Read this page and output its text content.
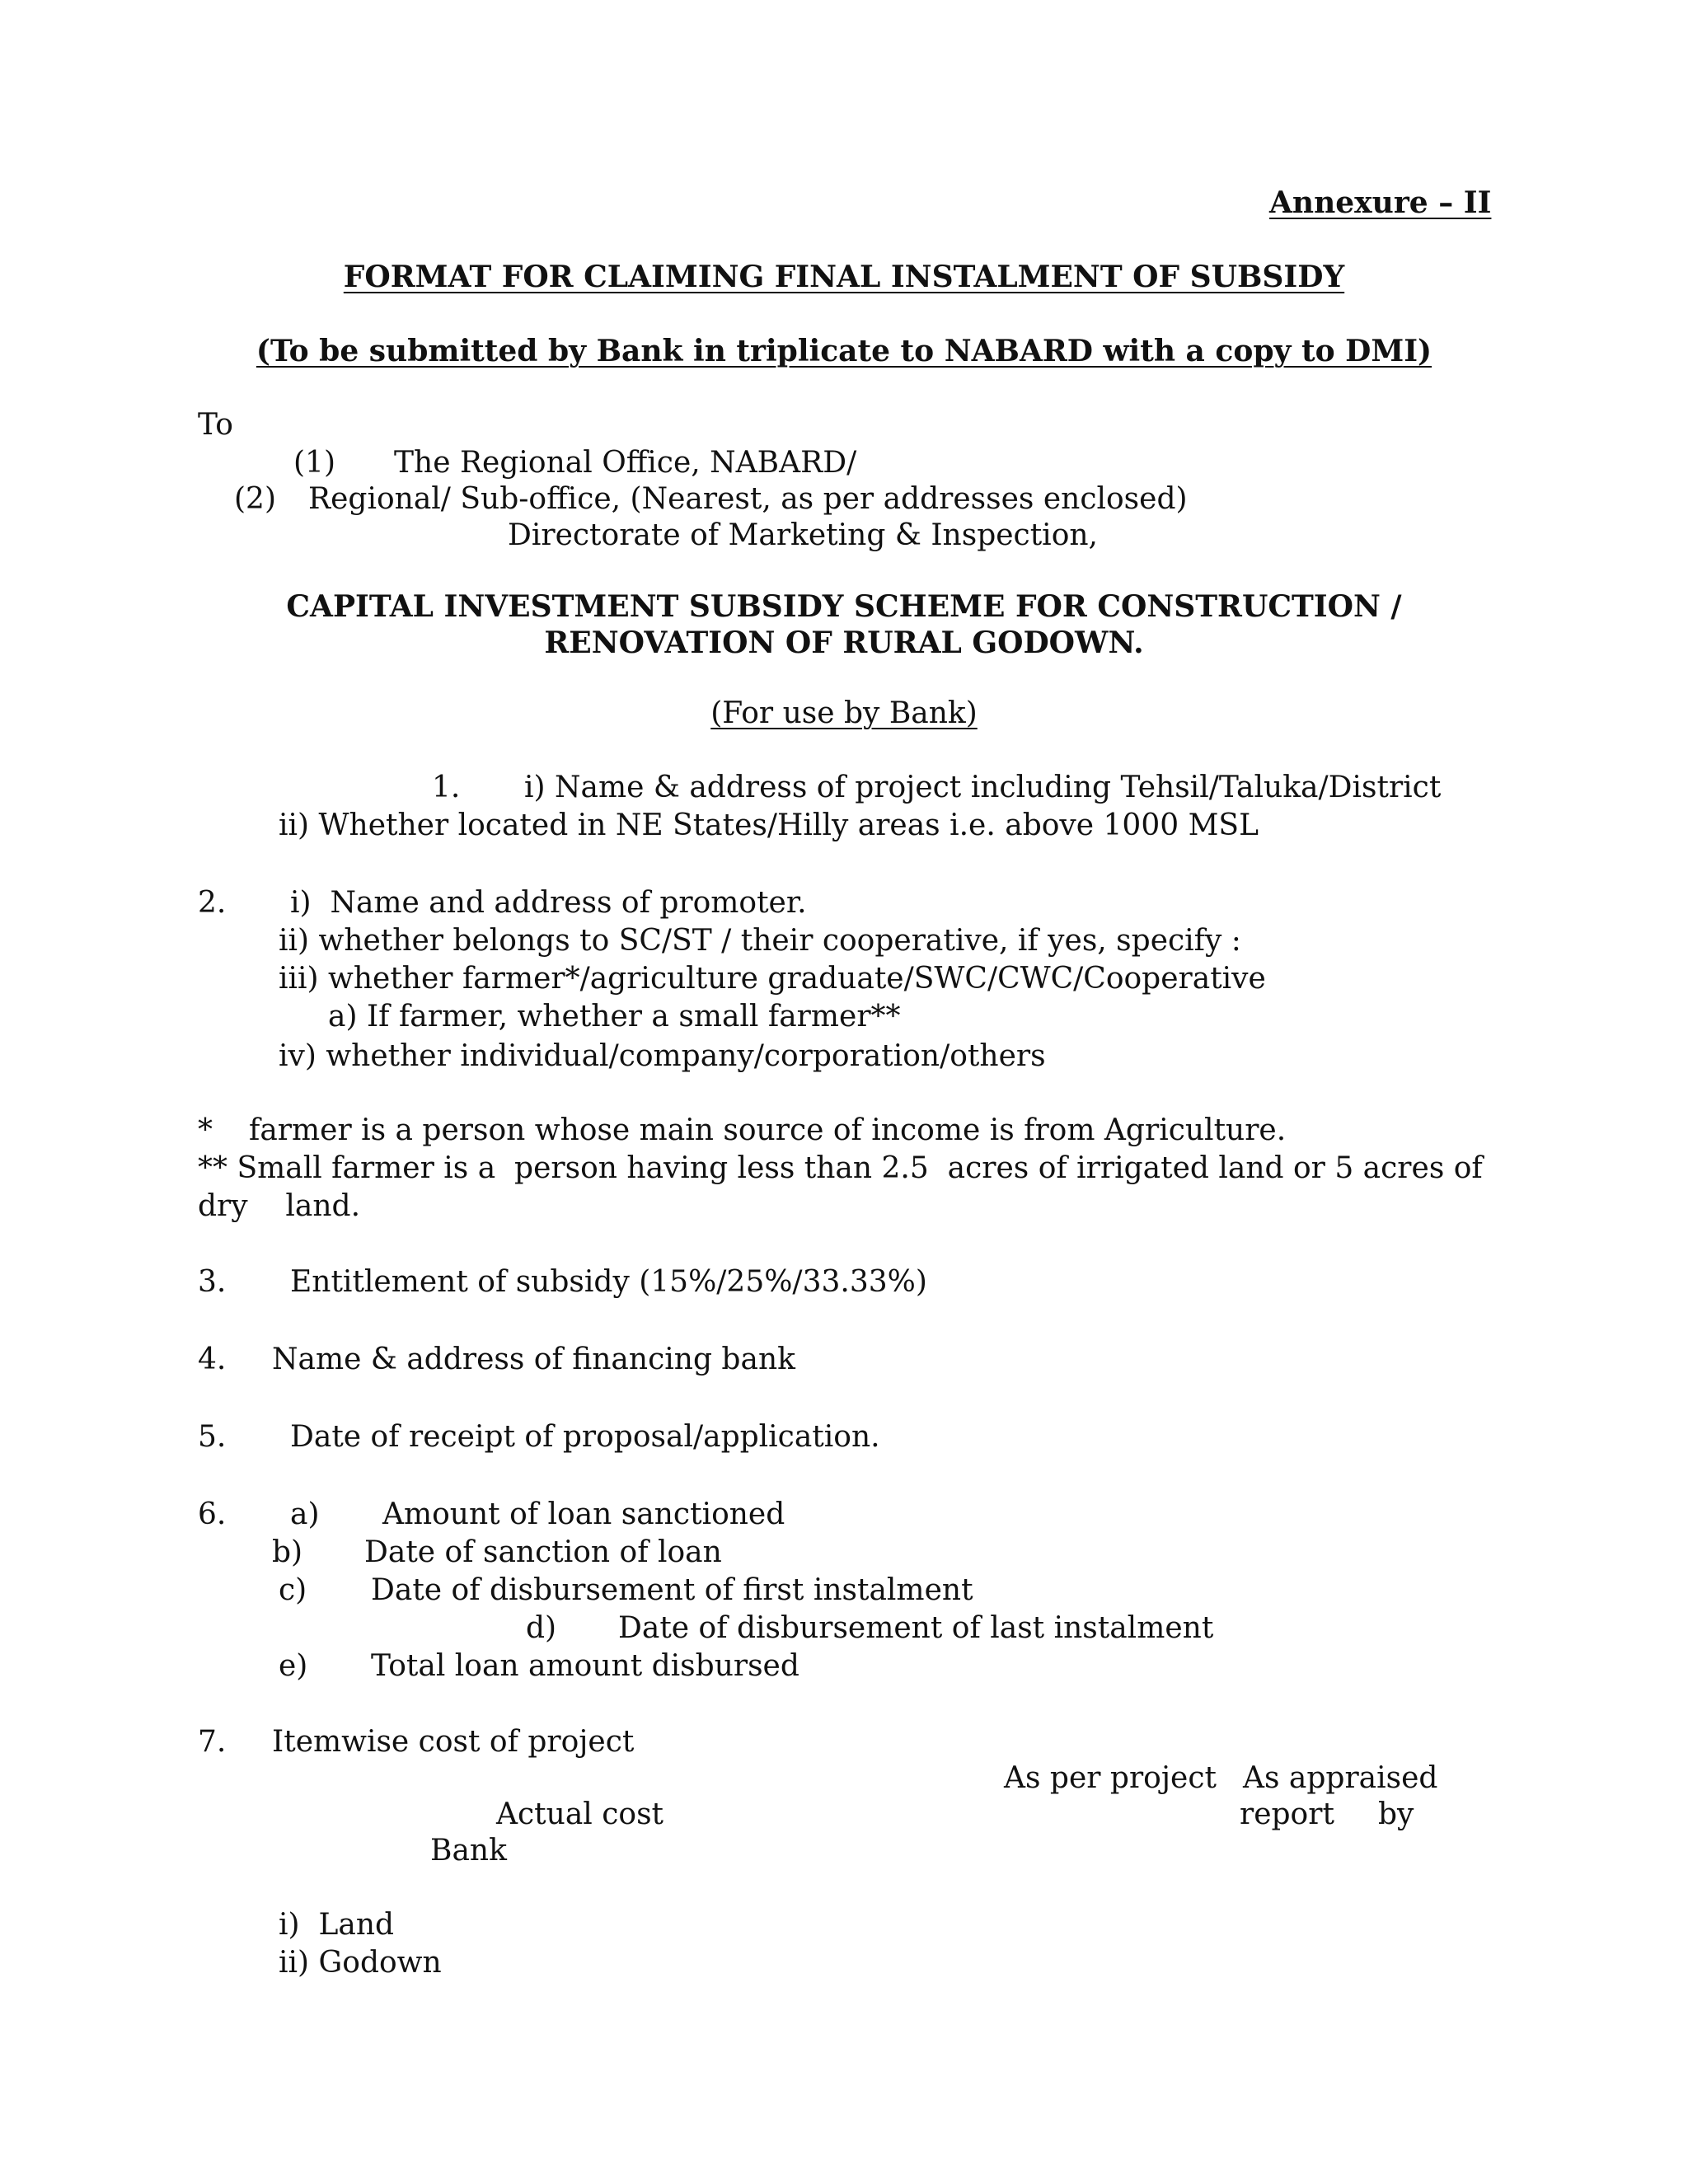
Annexure – II
FORMAT FOR CLAIMING FINAL INSTALMENT OF SUBSIDY
(To be submitted by Bank in triplicate to NABARD with a copy to DMI)
To
(1) The Regional Office, NABARD/
(2) Regional/ Sub-office, (Nearest, as per addresses enclosed)
Directorate of Marketing & Inspection,
CAPITAL INVESTMENT SUBSIDY SCHEME FOR CONSTRUCTION /
RENOVATION OF RURAL GODOWN.
(For use by Bank)
1. i) Name & address of project including Tehsil/Taluka/District
ii) Whether located in NE States/Hilly areas i.e. above 1000 MSL
2. i)  Name and address of promoter.
ii) whether belongs to SC/ST / their cooperative, if yes, specify :
iii) whether farmer*/agriculture graduate/SWC/CWC/Cooperative
a) If farmer, whether a small farmer**
iv) whether individual/company/corporation/others
* farmer is a person whose main source of income is from Agriculture.
** Small farmer is a  person having less than 2.5  acres of irrigated land or 5 acres of
dry    land.
3. Entitlement of subsidy (15%/25%/33.33%)
4. Name & address of financing bank
5. Date of receipt of proposal/application.
6. a) Amount of loan sanctioned
b) Date of sanction of loan
c) Date of disbursement of first instalment
d) Date of disbursement of last instalment
e) Total loan amount disbursed
7. Itemwise cost of project
As per project As appraised
Actual cost	report by
Bank
i)  Land
ii) Godown
